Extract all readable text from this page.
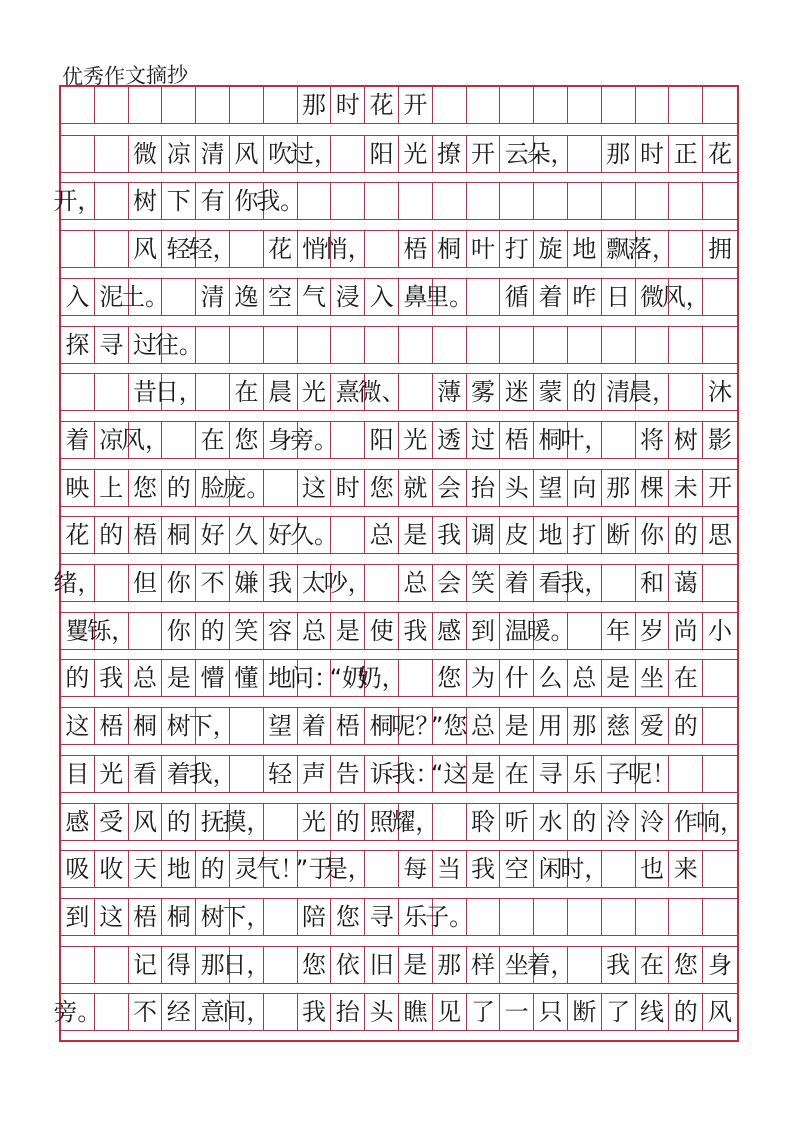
优秀作文摘抄
那 时 花 开
微 凉 清 风 吹
过， 阳 光 撩 开 云
朵， 那 时 正 花
开， 树 下 有 你
我。
风 轻
轻， 花 悄
悄， 梧 桐 叶 打 旋 地 飘
落， 拥
入 泥
土。 清 逸 空 气 浸 入 鼻
里。 循 着 昨 日 微
风，
探 寻 过
往。
昔
日， 在 晨 光 熹
微、 薄 雾 迷 蒙 的 清
晨， 沐
着 凉
风， 在 您 身
旁。 阳 光 透 过 梧 桐
叶， 将 树 影
映 上 您 的 脸
庞。 这 时 您 就 会 抬 头 望 向 那 棵 未 开
花 的 梧 桐 好 久 好
久。 总 是 我 调 皮 地 打 断 你 的 思
绪， 但 你 不 嫌 我 太
吵， 总 会 笑 着 看
我， 和 蔼
矍
铄， 你 的 笑 容 总 是 使 我 感 到 温
暖。 年 岁 尚 小
的 我 总 是 懵 懂 地
问：
“奶
奶， 您 为 什 么 总 是 坐 在
这 梧 桐 树
下， 望 着 梧 桐
呢？
”您 总 是 用 那 慈 爱 的
目 光 看 着
我， 轻 声 告 诉
我：
“这 是 在 寻 乐 子
呢！
感 受 风 的 抚
摸， 光 的 照
耀， 聆 听 水 的 泠 泠 作
响，
吸 收 天 地 的 灵
气！
”于
是， 每 当 我 空 闲
时， 也 来
到 这 梧 桐 树
下， 陪 您 寻 乐
子。
记 得 那
日， 您 依 旧 是 那 样 坐
着， 我 在 您 身
旁。 不 经 意
间， 我 抬 头 瞧 见 了 一 只 断 了 线 的 风
